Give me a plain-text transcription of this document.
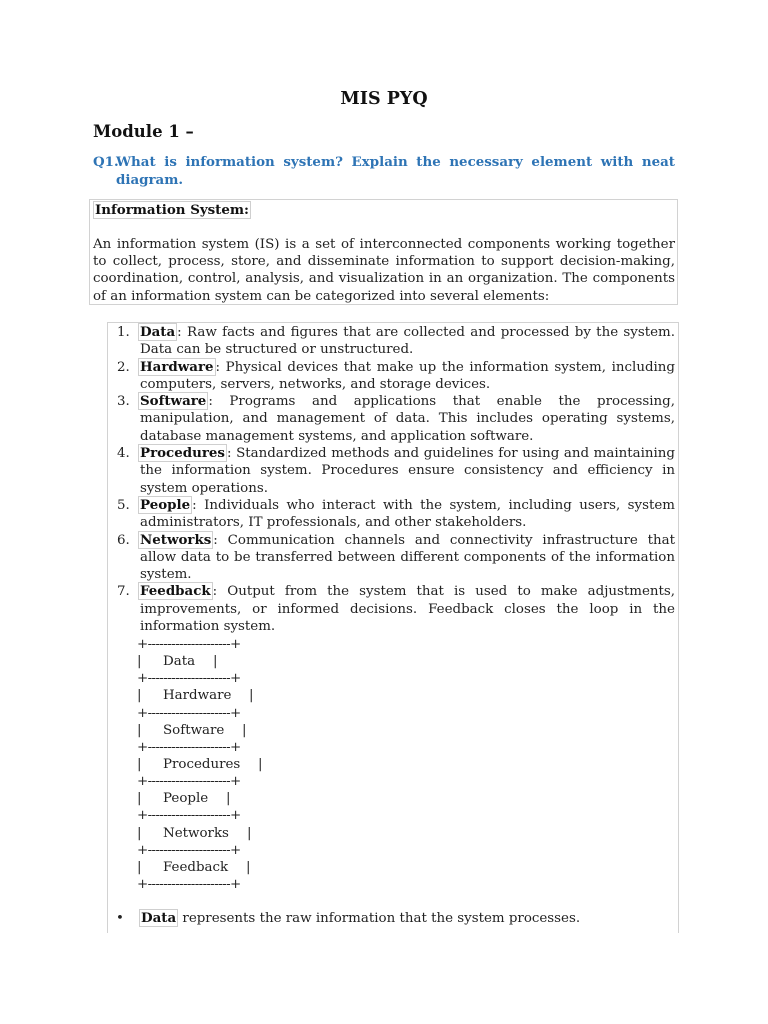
MIS PYQ
Module 1 –
Q1.
What is information system? Explain the necessary element with neat diagram.
Information System:
An information system (IS) is a set of interconnected components working together to collect, process, store, and disseminate information to support decision-making, coordination, control, analysis, and visualization in an organization. The components of an information system can be categorized into several elements:
1. Data : Raw facts and figures that are collected and processed by the system. Data can be structured or unstructured.
2. Hardware : Physical devices that make up the information system, including computers, servers, networks, and storage devices.
3. Software : Programs and applications that enable the processing, manipulation, and management of data. This includes operating systems, database management systems, and application software.
4. Procedures : Standardized methods and guidelines for using and maintaining the information system. Procedures ensure consistency and efficiency in system operations.
5. People : Individuals who interact with the system, including users, system administrators, IT professionals, and other stakeholders.
6. Networks : Communication channels and connectivity infrastructure that allow data to be transferred between different components of the information system.
7. Feedback : Output from the system that is used to make adjustments, improvements, or informed decisions. Feedback closes the loop in the information system.
+---------------------+
| Data |
+---------------------+
| Hardware |
+---------------------+
| Software |
+---------------------+
| Procedures |
+---------------------+
| People |
+---------------------+
| Networks |
+---------------------+
| Feedback |
+---------------------+
• Data represents the raw information that the system processes.
